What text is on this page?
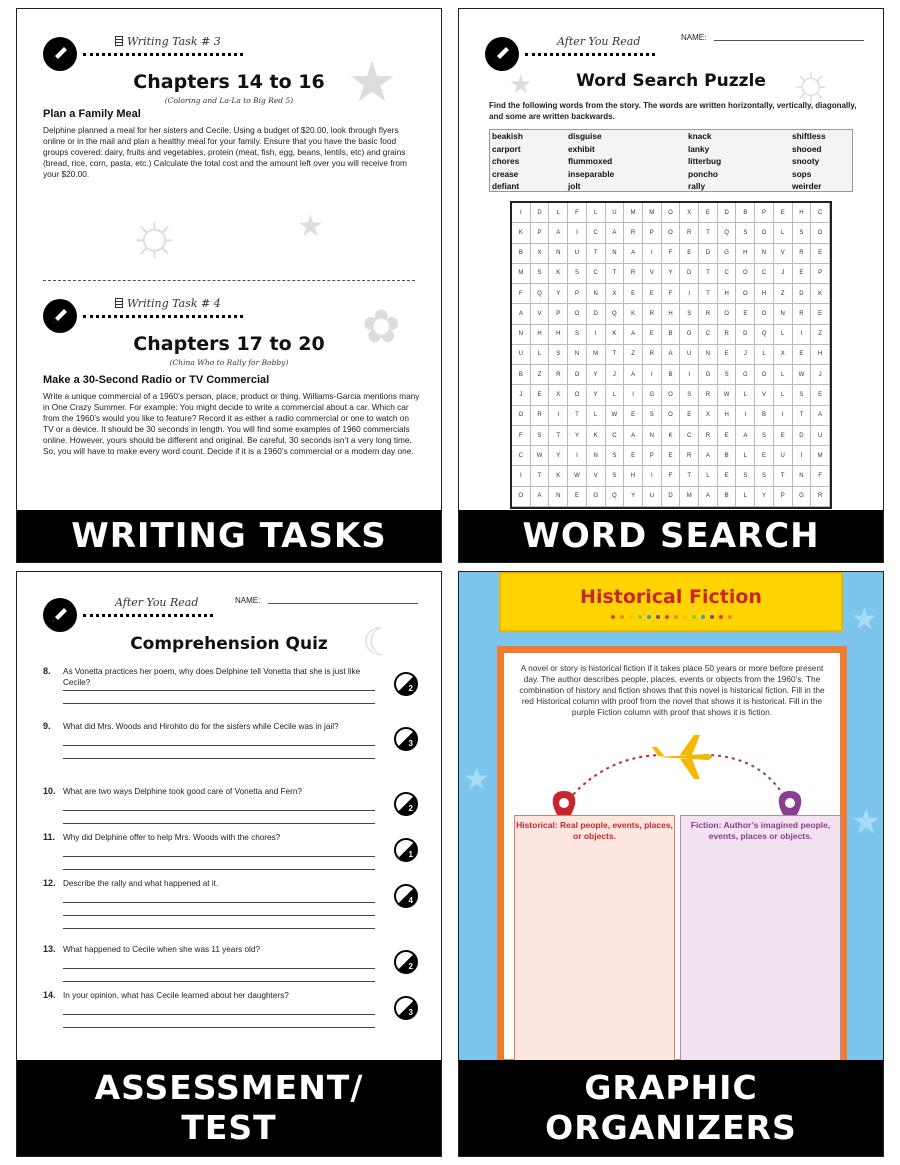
★
★
☼
Writing Task # 3
Chapters 14 to 16
(Coloring and La-La to Big Red 5)
Plan a Family Meal
Delphine planned a meal for her sisters and Cecile. Using a budget of $20.00, look through flyers online or in the mail and plan a healthy meal for your family. Ensure that you have the basic food groups covered: dairy, fruits and vegetables, protein (meat, fish, egg, beans, lentils, etc) and grains (bread, rice, corn, pasta, etc.) Calculate the total cost and the amount left over you will receive from your $20.00.
✿
Writing Task # 4
Chapters 17 to 20
(China Who to Rally for Bobby)
Make a 30-Second Radio or TV Commercial
Write a unique commercial of a 1960’s person, place, product or thing. Williams-Garcia mentions many in One Crazy Summer. For example: You might decide to write a commercial about a car. Which car from the 1960’s would you like to feature? Record it as either a radio commercial or one to watch on TV or a device. It should be 30 seconds in length. You will find some examples of 1960 commercials online. However, yours should be different and original. Be careful, 30 seconds isn’t a very long time. So, you will have to make every word count. Decide if it is a 1960’s commercial or a modern day one.
WRITING TASKS
★	☼
After You Read	NAME:
Word Search Puzzle
Find the following words from the story. The words are written horizontally, vertically, diagonally, and some are written backwards.
beakish	disguise	knack	shiftless
carport	exhibit	lanky	shooed
chores	flummoxed	litterbug	snooty
crease	inseparable	poncho	sops
defiant	jolt	rally	weirder
I	D	L	F	L	U	M	M	O	X	E	D	B	P	E	H	C
K	P	A	I	C	A	R	P	O	R	T	Q	S	O	L	S	O
B	X	N	U	T	N	A	I	F	E	D	G	H	N	V	R	E
M	S	K	S	C	T	R	V	Y	D	T	C	O	C	J	E	P
F	Q	Y	P	N	X	E	E	F	I	T	H	O	H	Z	D	K
A	V	P	O	D	Q	K	R	H	S	R	O	E	O	N	R	E
N	H	H	S	I	K	A	E	B	G	C	R	D	Q	L	I	Z
U	L	S	N	M	T	Z	R	A	U	N	E	J	L	X	E	H
B	Z	R	O	Y	J	A	I	B	I	G	S	G	O	L	W	J
J	E	X	O	Y	L	I	G	O	S	R	W	L	V	L	S	E
O	R	I	T	L	W	E	S	O	E	X	H	I	B	I	T	A
F	S	T	Y	K	C	A	N	K	C	R	E	A	S	E	D	U
C	W	Y	I	N	S	E	P	E	R	A	B	L	E	U	I	M
I	T	K	W	V	S	H	I	F	T	L	E	S	S	T	N	F
O	A	N	E	G	Q	Y	U	D	M	A	B	L	Y	P	G	R
WORD SEARCH
☾
After You Read	NAME:
Comprehension Quiz
8. As Vonetta practices her poem, why does Delphine tell Vonetta that she is just like Cecile?
2
9. What did Mrs. Woods and Hirohito do for the sisters while Cecile was in jail?
3
10. What are two ways Delphine took good care of Vonetta and Fern?
2
11. Why did Delphine offer to help Mrs. Woods with the chores?
1
12. Describe the rally and what happened at it.
4
13. What happened to Cecile when she was 11 years old?
2
14. In your opinion, what has Cecile learned about her daughters?
3
ASSESSMENT/
TEST
★
★
★
Historical Fiction
A novel or story is historical fiction if it takes place 50 years or more before present day. The author describes people, places, events or objects from the 1960’s. The combination of history and fiction shows that this novel is historical fiction. Fill in the red Historical column with proof from the novel that shows it is historical. Fill in the purple Fiction column with proof that shows it is fiction.
Historical: Real people, events, places, or objects.
Fiction: Author’s imagined people, events, places or objects.
GRAPHIC
ORGANIZERS
